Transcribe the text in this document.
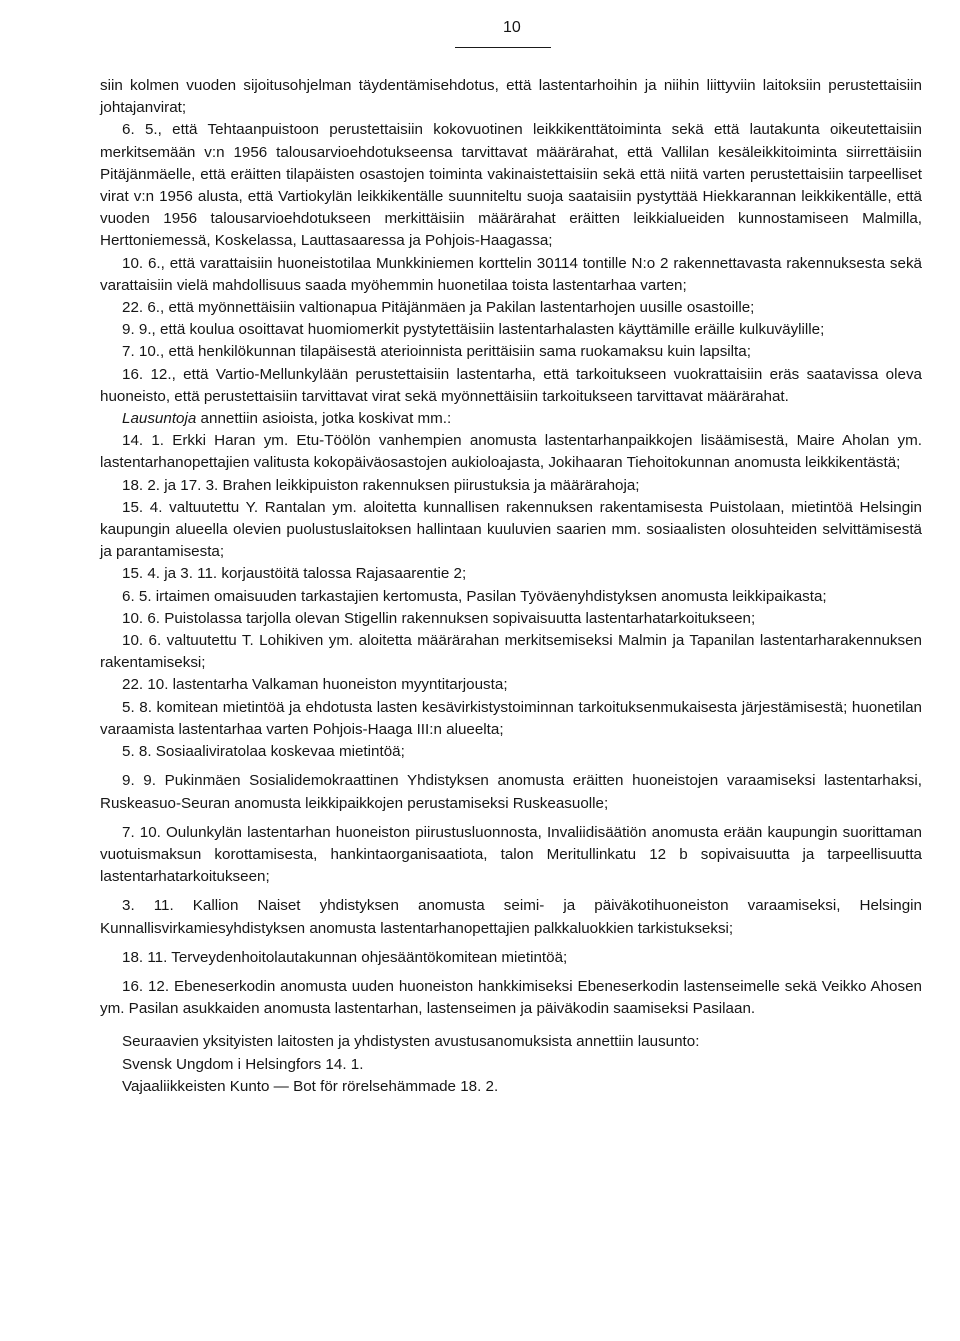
10

siin kolmen vuoden sijoitusohjelman täydentämisehdotus, että lastentarhoihin ja niihin liittyviin laitoksiin perustettaisiin johtajanvirat;

6. 5., että Tehtaanpuistoon perustettaisiin kokovuotinen leikkikenttätoiminta sekä että lautakunta oikeutettaisiin merkitsemään v:n 1956 talousarvioehdotukseensa tarvittavat määrärahat, että Vallilan kesäleikkitoiminta siirrettäisiin Pitäjänmäelle, että eräitten tilapäisten osastojen toiminta vakinaistettaisiin sekä että niitä varten perustettaisiin tarpeelliset virat v:n 1956 alusta, että Vartiokylän leikkikentälle suunniteltu suoja saataisiin pystyttää Hiekkarannan leikkikentälle, että vuoden 1956 talousarvioehdotukseen merkittäisiin määrärahat eräitten leikkialueiden kunnostamiseen Malmilla, Herttoniemessä, Koskelassa, Lauttasaaressa ja Pohjois-Haagassa;

10. 6., että varattaisiin huoneistotilaa Munkkiniemen korttelin 30114 tontille N:o 2 rakennettavasta rakennuksesta sekä varattaisiin vielä mahdollisuus saada myöhemmin huonetilaa toista lastentarhaa varten;

22. 6., että myönnettäisiin valtionapua Pitäjänmäen ja Pakilan lastentarhojen uusille osastoille;

9. 9., että koulua osoittavat huomiomerkit pystytettäisiin lastentarhalasten käyttämille eräille kulkuväylille;

7. 10., että henkilökunnan tilapäisestä aterioinnista perittäisiin sama ruokamaksu kuin lapsilta;

16. 12., että Vartio-Mellunkylään perustettaisiin lastentarha, että tarkoitukseen vuokrattaisiin eräs saatavissa oleva huoneisto, että perustettaisiin tarvittavat virat sekä myönnettäisiin tarkoitukseen tarvittavat määrärahat.

Lausuntoja annettiin asioista, jotka koskivat mm.:

14. 1. Erkki Haran ym. Etu-Töölön vanhempien anomusta lastentarhanpaikkojen lisäämisestä, Maire Aholan ym. lastentarhanopettajien valitusta kokopäiväosastojen aukioloajasta, Jokihaaran Tiehoitokunnan anomusta leikkikentästä;

18. 2. ja 17. 3. Brahen leikkipuiston rakennuksen piirustuksia ja määrärahoja;

15. 4. valtuutettu Y. Rantalan ym. aloitetta kunnallisen rakennuksen rakentamisesta Puistolaan, mietintöä Helsingin kaupungin alueella olevien puolustuslaitoksen hallintaan kuuluvien saarien mm. sosiaalisten olosuhteiden selvittämisestä ja parantamisesta;

15. 4. ja 3. 11. korjaustöitä talossa Rajasaarentie 2;

6. 5. irtaimen omaisuuden tarkastajien kertomusta, Pasilan Työväenyhdistyksen anomusta leikkipaikasta;

10. 6. Puistolassa tarjolla olevan Stigellin rakennuksen sopivaisuutta lastentarhatarkoitukseen;

10. 6. valtuutettu T. Lohikiven ym. aloitetta määrärahan merkitsemiseksi Malmin ja Tapanilan lastentarharakennuksen rakentamiseksi;

22. 10. lastentarha Valkaman huoneiston myyntitarjousta;

5. 8. komitean mietintöä ja ehdotusta lasten kesävirkistystoiminnan tarkoituksenmukaisesta järjestämisestä; huonetilan varaamista lastentarhaa varten Pohjois-Haaga III:n alueelta;

5. 8. Sosiaaliviratolaa koskevaa mietintöä;

9. 9. Pukinmäen Sosialidemokraattinen Yhdistyksen anomusta eräitten huoneistojen varaamiseksi lastentarhaksi, Ruskeasuo-Seuran anomusta leikkipaikkojen perustamiseksi Ruskeasuolle;

7. 10. Oulunkylän lastentarhan huoneiston piirustusluonnosta, Invaliidisäätiön anomusta erään kaupungin suorittaman vuotuismaksun korottamisesta, hankintaorganisaatiota, talon Meritullinkatu 12 b sopivaisuutta ja tarpeellisuutta lastentarhatarkoitukseen;

3. 11. Kallion Naiset yhdistyksen anomusta seimi- ja päiväkotihuoneiston varaamiseksi, Helsingin Kunnallisvirkamiesyhdistyksen anomusta lastentarhanopettajien palkkaluokkien tarkistukseksi;

18. 11. Terveydenhoitolautakunnan ohjesääntökomitean mietintöä;

16. 12. Ebeneserkodin anomusta uuden huoneiston hankkimiseksi Ebeneserkodin lastenseimelle sekä Veikko Ahosen ym. Pasilan asukkaiden anomusta lastentarhan, lastenseimen ja päiväkodin saamiseksi Pasilaan.

Seuraavien yksityisten laitosten ja yhdistysten avustusanomuksista annettiin lausunto:

Svensk Ungdom i Helsingfors 14. 1.

Vajaaliikkeisten Kunto — Bot för rörelsehämmade 18. 2.
